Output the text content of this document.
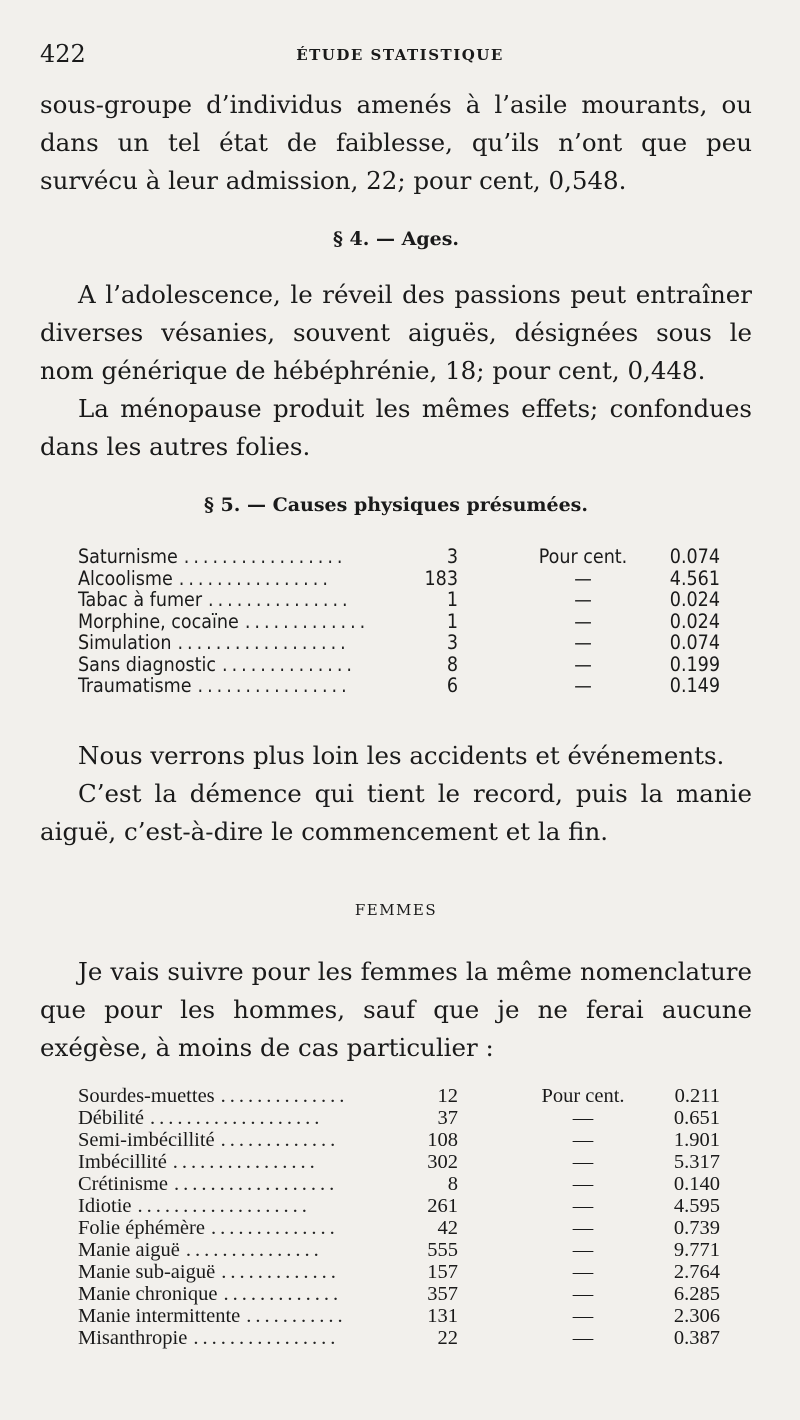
422	ÉTUDE STATISTIQUE

sous-groupe d’individus amenés à l’asile mourants, ou dans un tel état de faiblesse, qu’ils n’ont que peu survécu à leur admission, 22; pour cent, 0,548.

§ 4. — Ages.

A l’adolescence, le réveil des passions peut entraîner diverses vésanies, souvent aiguës, désignées sous le nom générique de hébéphrénie, 18; pour cent, 0,448.

La ménopause produit les mêmes effets; confondues dans les autres folies.

§ 5. — Causes physiques présumées.
.................
Saturnisme	3	Pour cent.	0.074
................
Alcoolisme	183	—	4.561
...............
Tabac à fumer	1	—	0.024
.............
Morphine, cocaïne	1	—	0.024
..................
Simulation	3	—	0.074
..............
Sans diagnostic	8	—	0.199
................
Traumatisme	6	—	0.149

Nous verrons plus loin les accidents et événements.

C’est la démence qui tient le record, puis la manie aiguë, c’est-à-dire le commencement et la fin.

FEMMES

Je vais suivre pour les femmes la même nomenclature que pour les hommes, sauf que je ne ferai aucune exégèse, à moins de cas particulier :

..............
Sourdes-muettes	12	Pour cent.	0.211
...................
Débilité	37	—	0.651
.............
Semi-imbécillité	108	—	1.901
................
Imbécillité	302	—	5.317
..................
Crétinisme	8	—	0.140
...................
Idiotie	261	—	4.595
..............
Folie éphémère	42	—	0.739
...............
Manie aiguë	555	—	9.771
.............
Manie sub-aiguë	157	—	2.764
.............
Manie chronique	357	—	6.285
...........
Manie intermittente	131	—	2.306
................
Misanthropie	22	—	0.387
